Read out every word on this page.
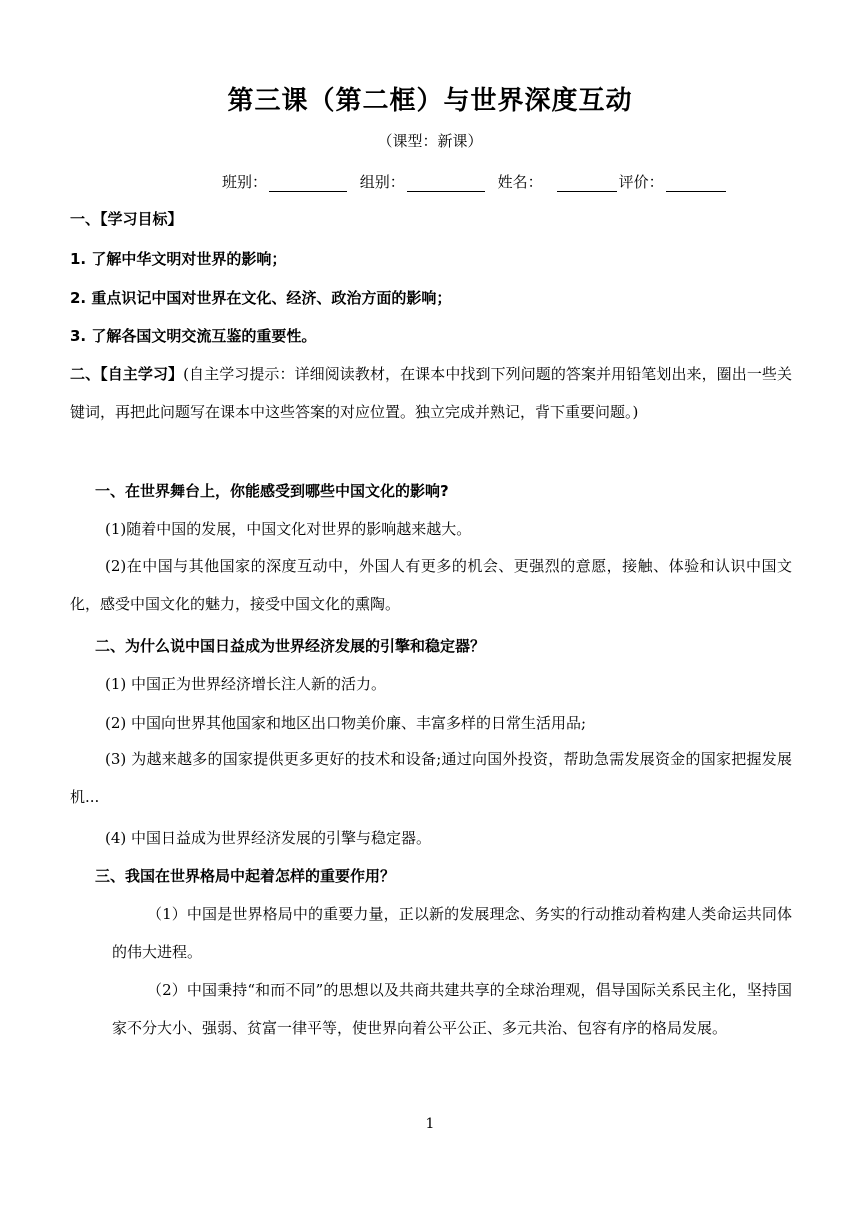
第三课（第二框）与世界深度互动
（课型：新课）
班别：	组别：	姓名：	评价：
一、【学习目标】
1. 了解中华文明对世界的影响；
2. 重点识记中国对世界在文化、经济、政治方面的影响；
3. 了解各国文明交流互鉴的重要性。
二、【自主学习】(自主学习提示：详细阅读教材，在课本中找到下列问题的答案并用铅笔划出来，圈出一些关键词，再把此问题写在课本中这些答案的对应位置。独立完成并熟记，背下重要问题。)
一、在世界舞台上，你能感受到哪些中国文化的影响?
(1)随着中国的发展，中国文化对世界的影响越来越大。
(2)在中国与其他国家的深度互动中，外国人有更多的机会、更强烈的意愿，接触、体验和认识中国文化，感受中国文化的魅力，接受中国文化的熏陶。
二、为什么说中国日益成为世界经济发展的引擎和稳定器？
(1) 中国正为世界经济增长注人新的活力。
(2) 中国向世界其他国家和地区出口物美价廉、丰富多样的日常生活用品;
(3) 为越来越多的国家提供更多更好的技术和设备;通过向国外投资，帮助急需发展资金的国家把握发展机...
(4) 中国日益成为世界经济发展的引擎与稳定器。
三、我国在世界格局中起着怎样的重要作用？
（1）中国是世界格局中的重要力量，正以新的发展理念、务实的行动推动着构建人类命运共同体的伟大进程。
（2）中国秉持“和而不同”的思想以及共商共建共享的全球治理观，倡导国际关系民主化，坚持国家不分大小、强弱、贫富一律平等，使世界向着公平公正、多元共治、包容有序的格局发展。
1
